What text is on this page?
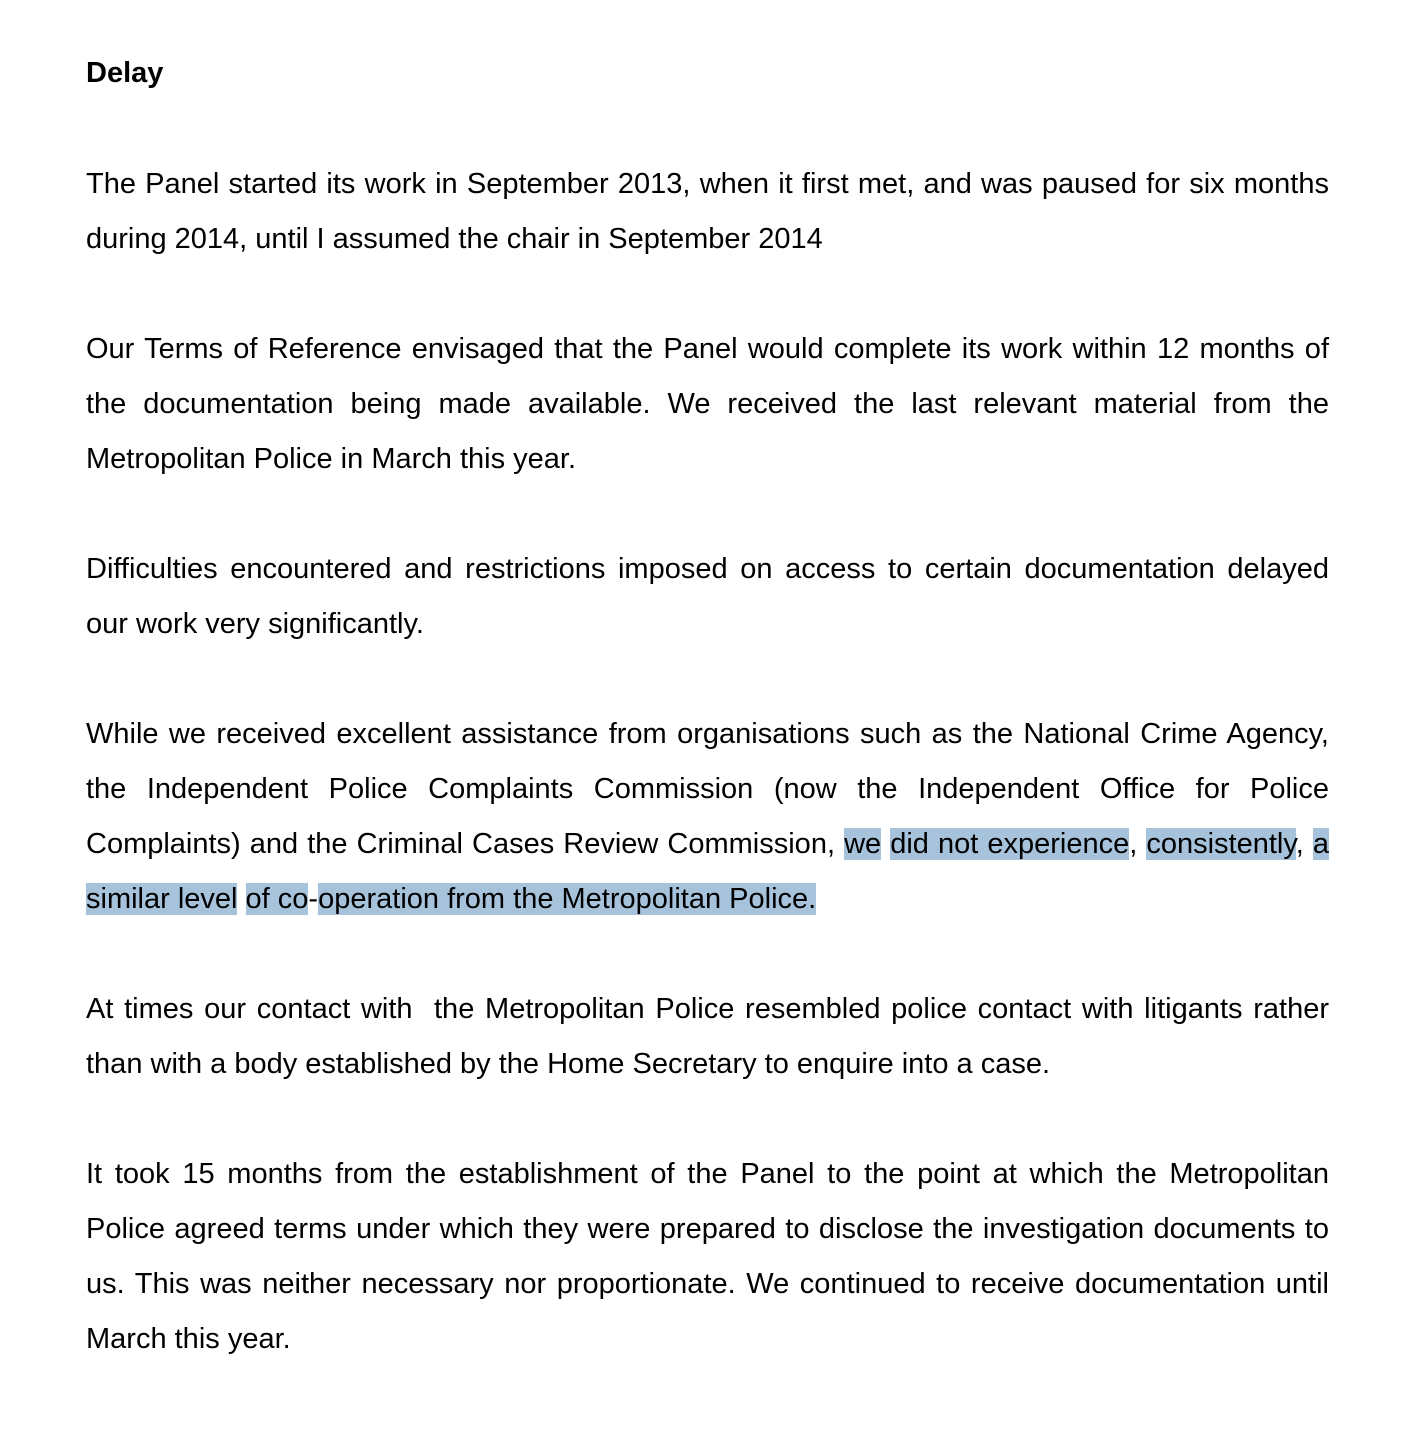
Delay

The Panel started its work in September 2013, when it first met, and was paused for six months during 2014, until I assumed the chair in September 2014

Our Terms of Reference envisaged that the Panel would complete its work within 12 months of the documentation being made available. We received the last relevant material from the Metropolitan Police in March this year.

Difficulties encountered and restrictions imposed on access to certain documentation delayed our work very significantly.

While we received excellent assistance from organisations such as the National Crime Agency, the Independent Police Complaints Commission (now the Independent Office for Police Complaints) and the Criminal Cases Review Commission, we did not experience, consistently, a similar level of co-operation from the Metropolitan Police.

At times our contact with  the Metropolitan Police resembled police contact with litigants rather than with a body established by the Home Secretary to enquire into a case.

It took 15 months from the establishment of the Panel to the point at which the Metropolitan Police agreed terms under which they were prepared to disclose the investigation documents to us. This was neither necessary nor proportionate. We continued to receive documentation until March this year.
